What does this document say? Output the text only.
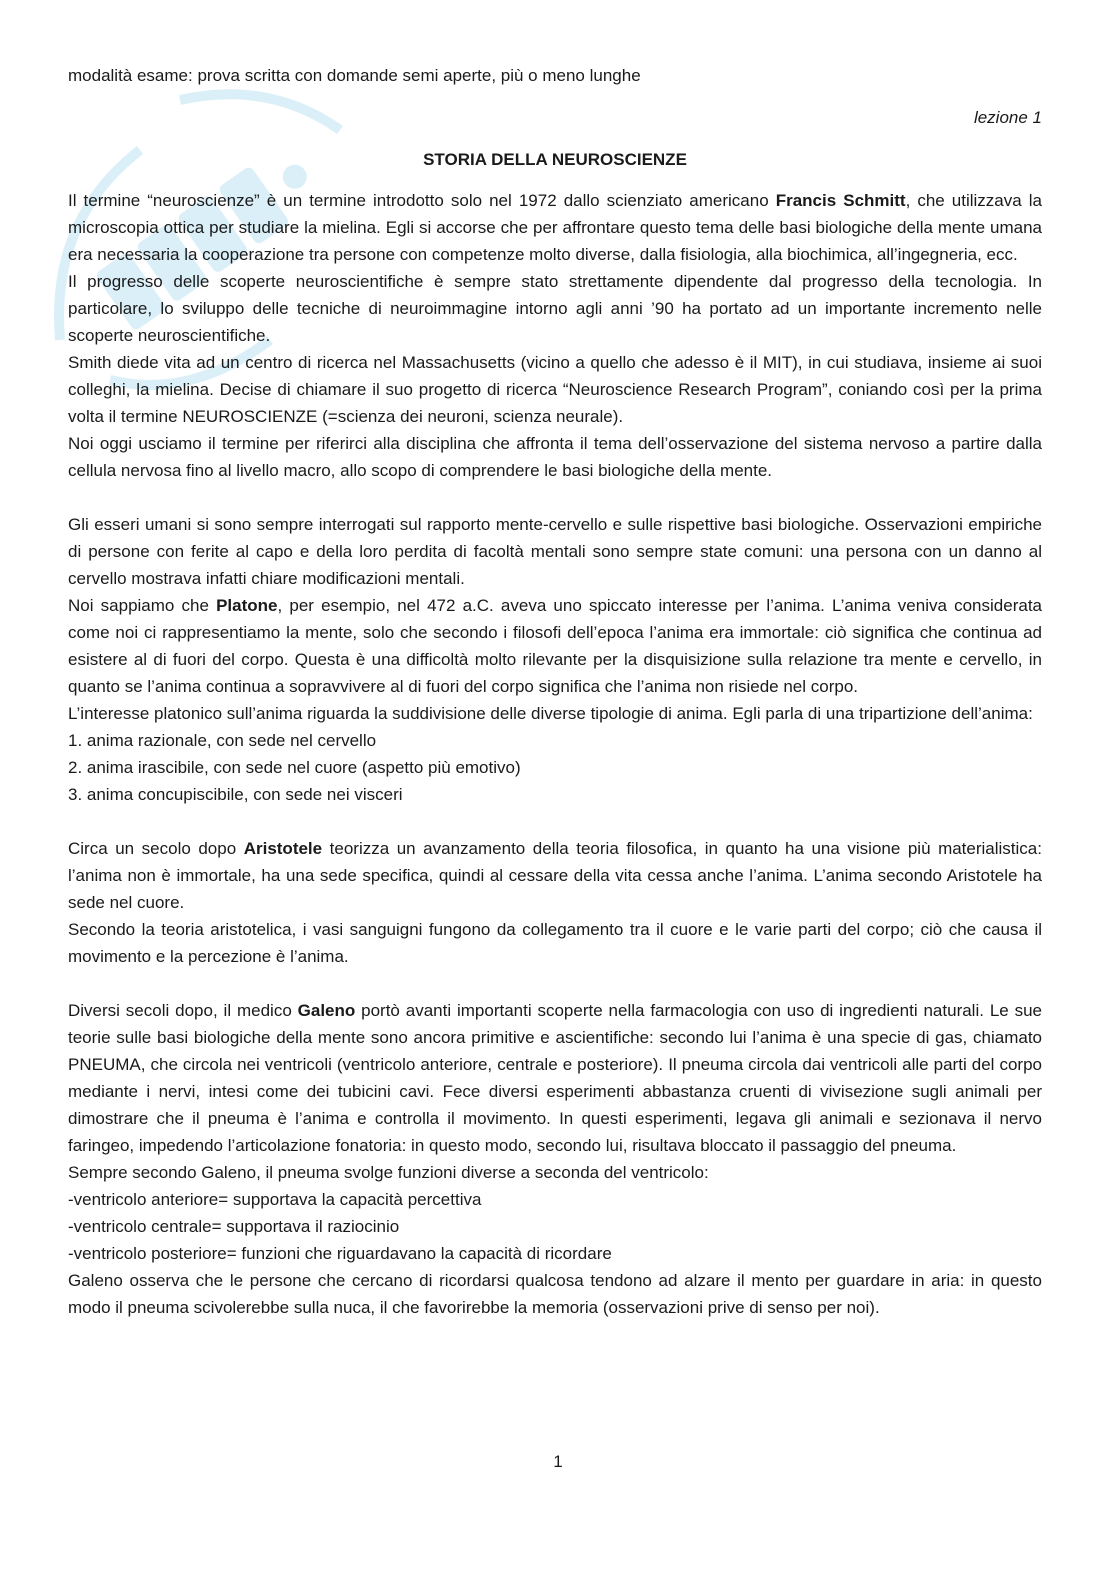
modalità esame: prova scritta con domande semi aperte, più o meno lunghe

lezione 1

STORIA DELLA NEUROSCIENZE

Il termine “neuroscienze” è un termine introdotto solo nel 1972 dallo scienziato americano Francis Schmitt, che utilizzava la microscopia ottica per studiare la mielina. Egli si accorse che per affrontare questo tema delle basi biologiche della mente umana era necessaria la cooperazione tra persone con competenze molto diverse, dalla fisiologia, alla biochimica, all’ingegneria, ecc.

Il progresso delle scoperte neuroscientifiche è sempre stato strettamente dipendente dal progresso della tecnologia. In particolare, lo sviluppo delle tecniche di neuroimmagine intorno agli anni ’90 ha portato ad un importante incremento nelle scoperte neuroscientifiche.

Smith diede vita ad un centro di ricerca nel Massachusetts (vicino a quello che adesso è il MIT), in cui studiava, insieme ai suoi colleghi, la mielina. Decise di chiamare il suo progetto di ricerca “Neuroscience Research Program”, coniando così per la prima volta il termine NEUROSCIENZE (=scienza dei neuroni, scienza neurale).

Noi oggi usciamo il termine per riferirci alla disciplina che affronta il tema dell’osservazione del sistema nervoso a partire dalla cellula nervosa fino al livello macro, allo scopo di comprendere le basi biologiche della mente.

Gli esseri umani si sono sempre interrogati sul rapporto mente-cervello e sulle rispettive basi biologiche. Osservazioni empiriche di persone con ferite al capo e della loro perdita di facoltà mentali sono sempre state comuni: una persona con un danno al cervello mostrava infatti chiare modificazioni mentali.

Noi sappiamo che Platone, per esempio, nel 472 a.C. aveva uno spiccato interesse per l’anima. L’anima veniva considerata come noi ci rappresentiamo la mente, solo che secondo i filosofi dell’epoca l’anima era immortale: ciò significa che continua ad esistere al di fuori del corpo. Questa è una difficoltà molto rilevante per la disquisizione sulla relazione tra mente e cervello, in quanto se l’anima continua a sopravvivere al di fuori del corpo significa che l’anima non risiede nel corpo.

L’interesse platonico sull’anima riguarda la suddivisione delle diverse tipologie di anima. Egli parla di una tripartizione dell’anima:

1. anima razionale, con sede nel cervello

2. anima irascibile, con sede nel cuore (aspetto più emotivo)

3. anima concupiscibile, con sede nei visceri

Circa un secolo dopo Aristotele teorizza un avanzamento della teoria filosofica, in quanto ha una visione più materialistica: l’anima non è immortale, ha una sede specifica, quindi al cessare della vita cessa anche l’anima. L’anima secondo Aristotele ha sede nel cuore.

Secondo la teoria aristotelica, i vasi sanguigni fungono da collegamento tra il cuore e le varie parti del corpo; ciò che causa il movimento e la percezione è l’anima.

Diversi secoli dopo, il medico Galeno portò avanti importanti scoperte nella farmacologia con uso di ingredienti naturali. Le sue teorie sulle basi biologiche della mente sono ancora primitive e ascientifiche: secondo lui l’anima è una specie di gas, chiamato PNEUMA, che circola nei ventricoli (ventricolo anteriore, centrale e posteriore). Il pneuma circola dai ventricoli alle parti del corpo mediante i nervi, intesi come dei tubicini cavi. Fece diversi esperimenti abbastanza cruenti di vivisezione sugli animali per dimostrare che il pneuma è l’anima e controlla il movimento. In questi esperimenti, legava gli animali e sezionava il nervo faringeo, impedendo l’articolazione fonatoria: in questo modo, secondo lui, risultava bloccato il passaggio del pneuma.

Sempre secondo Galeno, il pneuma svolge funzioni diverse a seconda del ventricolo:

-ventricolo anteriore= supportava la capacità percettiva

-ventricolo centrale= supportava il raziocinio

-ventricolo posteriore= funzioni che riguardavano la capacità di ricordare

Galeno osserva che le persone che cercano di ricordarsi qualcosa tendono ad alzare il mento per guardare in aria: in questo modo il pneuma scivolerebbe sulla nuca, il che favorirebbe la memoria (osservazioni prive di senso per noi).

1
